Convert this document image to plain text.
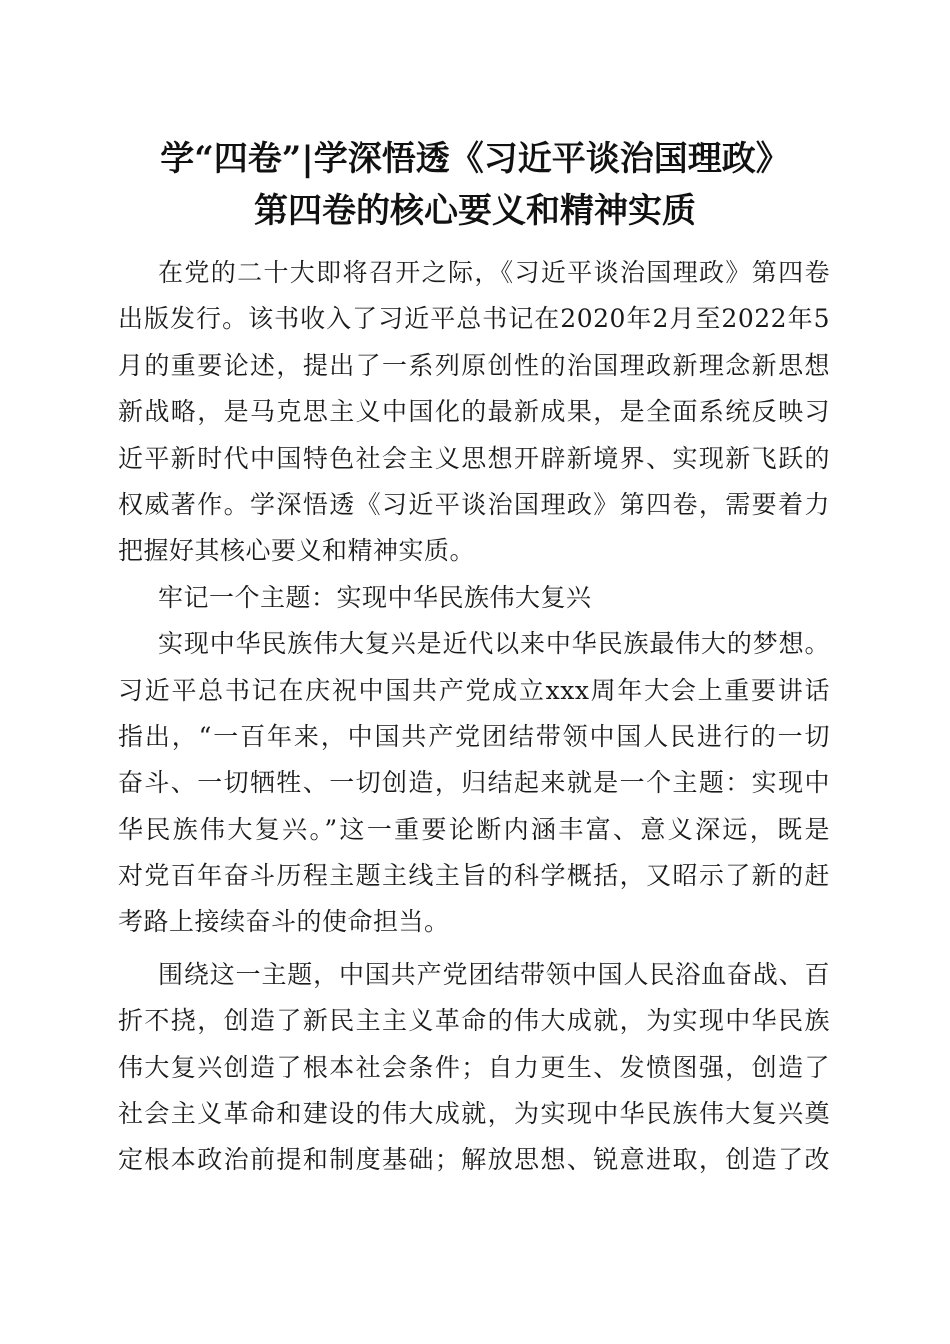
学“四卷”|学深悟透《习近平谈治国理政》
第四卷的核心要义和精神实质
在党的二十大即将召开之际，《习近平谈治国理政》第四卷
出版发行。该书收入了习近平总书记在2020年2月至2022年5
月的重要论述，提出了一系列原创性的治国理政新理念新思想
新战略，是马克思主义中国化的最新成果，是全面系统反映习
近平新时代中国特色社会主义思想开辟新境界、实现新飞跃的
权威著作。学深悟透《习近平谈治国理政》第四卷，需要着力
把握好其核心要义和精神实质。
牢记一个主题：实现中华民族伟大复兴
实现中华民族伟大复兴是近代以来中华民族最伟大的梦想。
习近平总书记在庆祝中国共产党成立xxx周年大会上重要讲话
指出，“一百年来，中国共产党团结带领中国人民进行的一切
奋斗、一切牺牲、一切创造，归结起来就是一个主题：实现中
华民族伟大复兴。”这一重要论断内涵丰富、意义深远，既是
对党百年奋斗历程主题主线主旨的科学概括，又昭示了新的赶
考路上接续奋斗的使命担当。
围绕这一主题，中国共产党团结带领中国人民浴血奋战、百
折不挠，创造了新民主主义革命的伟大成就，为实现中华民族
伟大复兴创造了根本社会条件；自力更生、发愤图强，创造了
社会主义革命和建设的伟大成就，为实现中华民族伟大复兴奠
定根本政治前提和制度基础；解放思想、锐意进取，创造了改
